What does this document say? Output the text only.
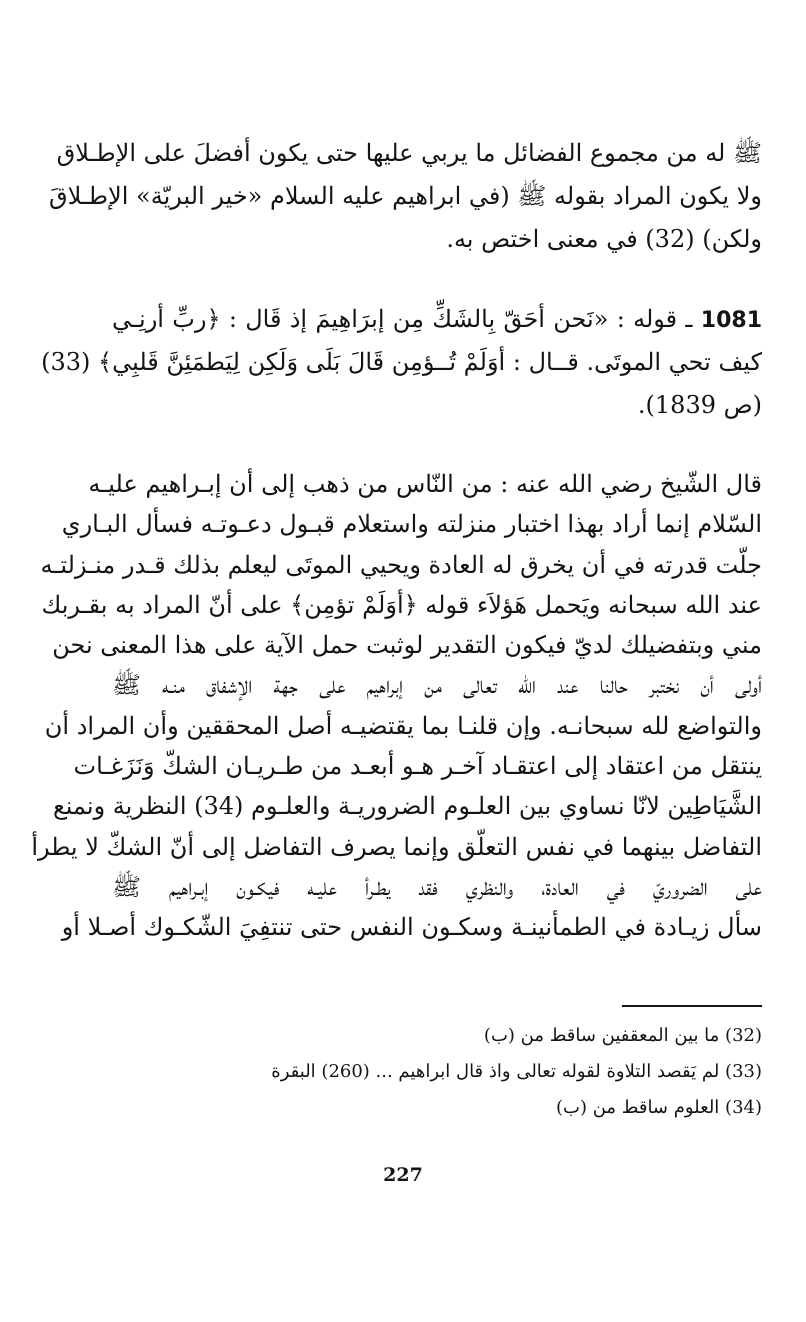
ﷺ له من مجموع الفضائل ما يربي عليها حتى يكون أفضلَ على الإطـلاق
ولا يكون المراد بقوله ﷺ (في ابراهيم عليه السلام «خير البريّة» الإطـلاقَ
ولكن) (32) في معنى اختص به.
1081 ـ قوله : «نَحن أحَقّ بِالشَكِّ مِن إبرَاهِيمَ إذ قَال : ﴿ربِّ أرنِـي
كيف تحي الموتَى. قــال : أوَلَمْ تُــؤمِن قَالَ بَلَى وَلَكِن لِيَطمَئِنَّ قَلبِي﴾ (33)
(ص 1839).
قال الشّيخ رضي الله عنه : من النّاس من ذهب إلى أن إبـراهيم عليـه
السّلام إنما أراد بهذا اختبار منزلته واستعلام قبـول دعـوتـه فسأل البـاري
جلّت قدرته في أن يخرق له العادة ويحيي الموتَى ليعلم بذلك قـدر منـزلتـه
عند الله سبحانه ويَحمل هَؤلاَء قوله ﴿أوَلَمْ تؤمِن﴾ على أنّ المراد به بقـربك
مني وبتفضيلك لديّ فيكون التقدير لوثبت حمل الآية على هذا المعنى نحن
أولى أن نختبر حالنا عند الله تعالى من إبراهيم على جهة الإشفاق منـه ﷺ
والتواضع لله سبحانـه. وإن قلنـا بما يقتضيـه أصل المحققين وأن المراد أن
ينتقل من اعتقاد إلى اعتقـاد آخـر هـو أبعـد من طـريـان الشكّ وَنَزَغـات
الشَّيَاطِين لانّا نساوي بين العلـوم الضروريـة والعلـوم (34) النظرية ونمنع
التفاضل بينهما في نفس التعلّق وإنما يصرف التفاضل إلى أنّ الشكّ لا يطرأ
على الضروريّ في العادة، والنظري فقد يطـرأ عليـه فيكـون إبـراهيم ﷺ
سأل زيـادة في الطمأنينـة وسكـون النفس حتى تنتفِيَ الشّكـوك أصـلا أو
(32) ما بين المعقفين ساقط من (ب)
(33) لم يَقصد التلاوة لقوله تعالى واذ قال ابراهيم ... (260) البقرة
(34) العلوم ساقط من (ب)
227
